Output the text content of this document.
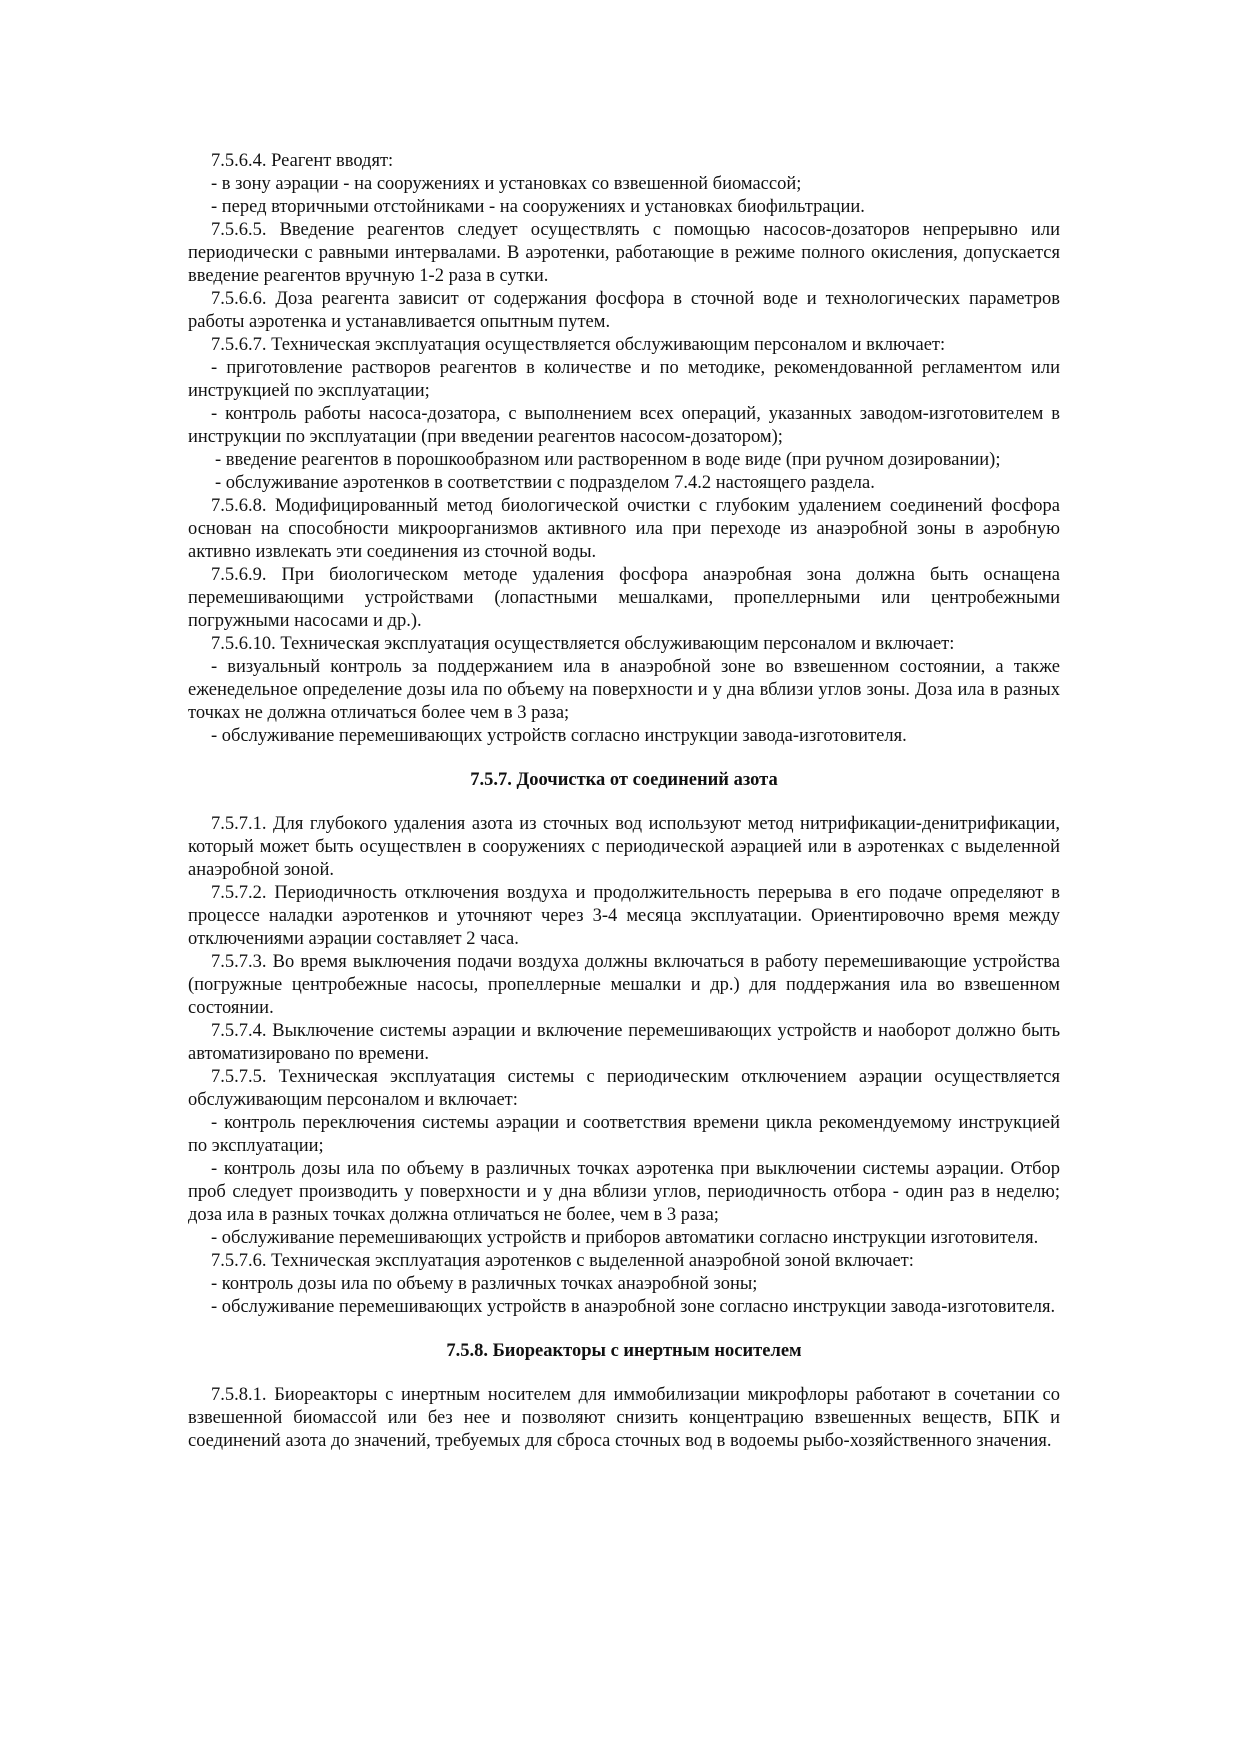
7.5.6.4. Реагент вводят:

- в зону аэрации - на сооружениях и установках со взвешенной биомассой;

- перед вторичными отстойниками - на сооружениях и установках биофильтрации.

7.5.6.5. Введение реагентов следует осуществлять с помощью насосов-дозаторов непрерывно или периодически с равными интервалами. В аэротенки, работающие в режиме полного окисления, допускается введение реагентов вручную 1-2 раза в сутки.

7.5.6.6. Доза реагента зависит от содержания фосфора в сточной воде и технологических параметров работы аэротенка и устанавливается опытным путем.

7.5.6.7. Техническая эксплуатация осуществляется обслуживающим персоналом и включает:

- приготовление растворов реагентов в количестве и по методике, рекомендованной регламентом или инструкцией по эксплуатации;

- контроль работы насоса-дозатора, с выполнением всех операций, указанных заводом-изготовителем в инструкции по эксплуатации (при введении реагентов насосом-дозатором);

- введение реагентов в порошкообразном или растворенном в воде виде (при ручном дозировании);

- обслуживание аэротенков в соответствии с подразделом 7.4.2 настоящего раздела.

7.5.6.8. Модифицированный метод биологической очистки с глубоким удалением соединений фосфора основан на способности микроорганизмов активного ила при переходе из анаэробной зоны в аэробную активно извлекать эти соединения из сточной воды.

7.5.6.9. При биологическом методе удаления фосфора анаэробная зона должна быть оснащена перемешивающими устройствами (лопастными мешалками, пропеллерными или центробежными погружными насосами и др.).

7.5.6.10. Техническая эксплуатация осуществляется обслуживающим персоналом и включает:

- визуальный контроль за поддержанием ила в анаэробной зоне во взвешенном состоянии, а также еженедельное определение дозы ила по объему на поверхности и у дна вблизи углов зоны. Доза ила в разных точках не должна отличаться более чем в 3 раза;

- обслуживание перемешивающих устройств согласно инструкции завода-изготовителя.

7.5.7. Доочистка от соединений азота

7.5.7.1. Для глубокого удаления азота из сточных вод используют метод нитрификации-денитрификации, который может быть осуществлен в сооружениях с периодической аэрацией или в аэротенках с выделенной анаэробной зоной.

7.5.7.2. Периодичность отключения воздуха и продолжительность перерыва в его подаче определяют в процессе наладки аэротенков и уточняют через 3-4 месяца эксплуатации. Ориентировочно время между отключениями аэрации составляет 2 часа.

7.5.7.3. Во время выключения подачи воздуха должны включаться в работу перемешивающие устройства (погружные центробежные насосы, пропеллерные мешалки и др.) для поддержания ила во взвешенном состоянии.

7.5.7.4. Выключение системы аэрации и включение перемешивающих устройств и наоборот должно быть автоматизировано по времени.

7.5.7.5. Техническая эксплуатация системы с периодическим отключением аэрации осуществляется обслуживающим персоналом и включает:

- контроль переключения системы аэрации и соответствия времени цикла рекомендуемому инструкцией по эксплуатации;

- контроль дозы ила по объему в различных точках аэротенка при выключении системы аэрации. Отбор проб следует производить у поверхности и у дна вблизи углов, периодичность отбора - один раз в неделю; доза ила в разных точках должна отличаться не более, чем в 3 раза;

- обслуживание перемешивающих устройств и приборов автоматики согласно инструкции изготовителя.

7.5.7.6. Техническая эксплуатация аэротенков с выделенной анаэробной зоной включает:

- контроль дозы ила по объему в различных точках анаэробной зоны;

- обслуживание перемешивающих устройств в анаэробной зоне согласно инструкции завода-изготовителя.

7.5.8. Биореакторы с инертным носителем

7.5.8.1. Биореакторы с инертным носителем для иммобилизации микрофлоры работают в сочетании со взвешенной биомассой или без нее и позволяют снизить концентрацию взвешенных веществ, БПК и соединений азота до значений, требуемых для сброса сточных вод в водоемы рыбо-хозяйственного значения.
